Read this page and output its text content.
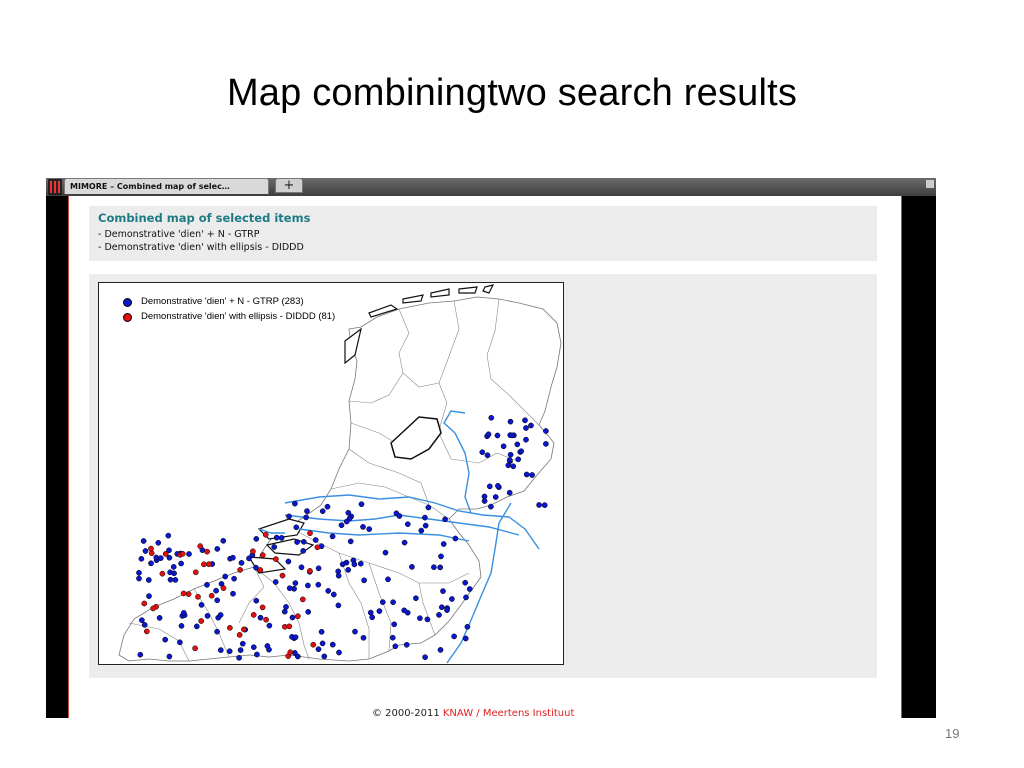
Map combiningtwo search results
MIMORE – Combined map of selec…	+
Combined map of selected items
- Demonstrative 'dien' + N - GTRP
- Demonstrative 'dien' with ellipsis - DIDDD
Demonstrative 'dien' + N - GTRP (283)
Demonstrative 'dien' with ellipsis - DIDDD (81)
© 2000-2011 KNAW / Meertens Instituut
19
